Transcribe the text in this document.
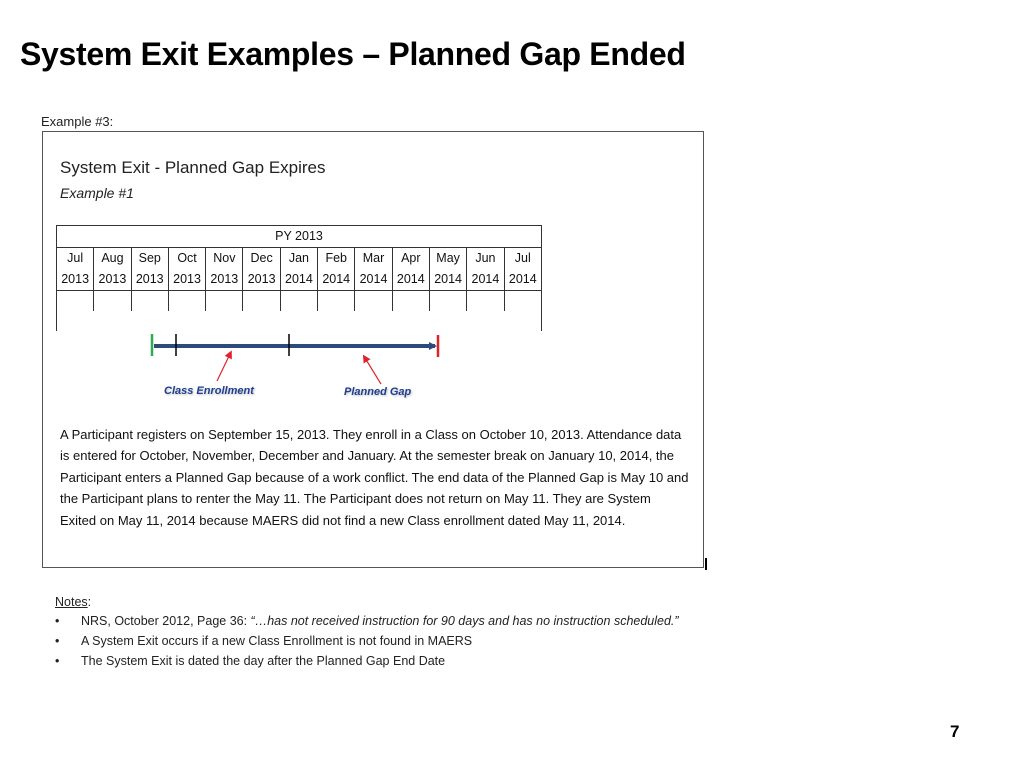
System Exit Examples – Planned Gap Ended
Example #3:
System Exit - Planned Gap Expires
Example #1
PY 2013												
Jul	Aug	Sep	Oct	Nov	Dec	Jan	Feb	Mar	Apr	May	Jun	Jul
2013	2013	2013	2013	2013	2013	2014	2014	2014	2014	2014	2014	2014

Class Enrollment	Planned Gap
A Participant registers on September 15, 2013. They enroll in a Class on October 10, 2013. Attendance data is entered for October, November, December and January. At the semester break on January 10, 2014, the Participant enters a Planned Gap because of a work conflict. The end data of the Planned Gap is May 10 and the Participant plans to renter the May 11. The Participant does not return on May 11. They are System Exited on May 11, 2014 because MAERS did not find a new Class enrollment dated May 11, 2014.
Notes:
• NRS, October 2012, Page 36: “…has not received instruction for 90 days and has no instruction scheduled.”
• A System Exit occurs if a new Class Enrollment is not found in MAERS
• The System Exit is dated the day after the Planned Gap End Date
7
